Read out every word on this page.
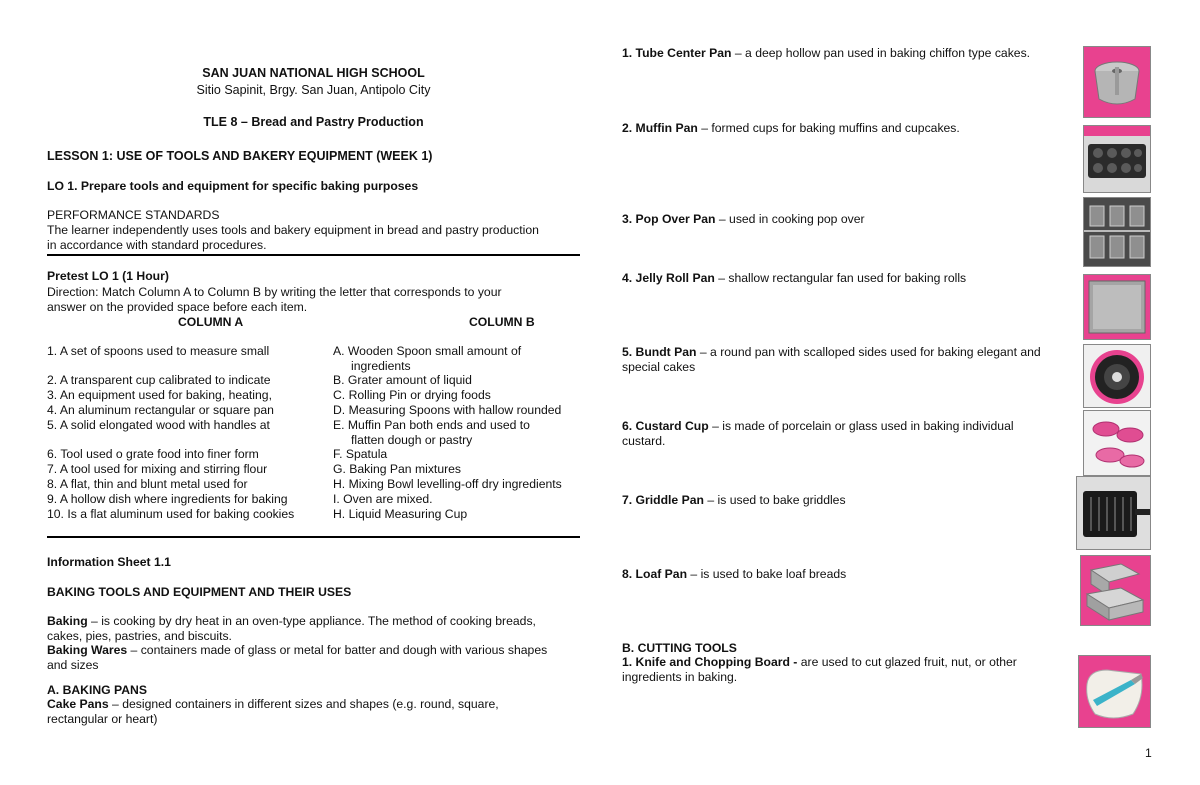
SAN JUAN NATIONAL HIGH SCHOOL
Sitio Sapinit, Brgy. San Juan, Antipolo City
TLE 8 – Bread and Pastry Production
LESSON 1: USE OF TOOLS AND BAKERY EQUIPMENT (WEEK 1)
LO 1. Prepare tools and equipment for specific baking purposes
PERFORMANCE STANDARDS
The learner independently uses tools and bakery equipment in bread and pastry production
in accordance with standard procedures.
Pretest LO 1 (1 Hour)
Direction: Match Column A to Column B by writing the letter that corresponds to your
answer on the provided space before each item.
COLUMN A	COLUMN B
1. A set of spoons used to measure small
2. A transparent cup calibrated to indicate
3. An equipment used for baking, heating,
4. An aluminum rectangular or square pan
5. A solid elongated wood with handles at
6. Tool used o grate food into finer form
7. A tool used for mixing and stirring flour
8. A flat, thin and blunt metal used for
9. A hollow dish where ingredients for baking
10. Is a flat aluminum used for baking cookies
A. Wooden Spoon small amount of
ingredients
B. Grater amount of liquid
C. Rolling Pin or drying foods
D. Measuring Spoons with hallow rounded
E. Muffin Pan both ends and used to
flatten dough or pastry
F. Spatula
G. Baking Pan mixtures
H. Mixing Bowl levelling-off dry ingredients
I. Oven are mixed.
H. Liquid Measuring Cup
Information Sheet 1.1
BAKING TOOLS AND EQUIPMENT AND THEIR USES
Baking – is cooking by dry heat in an oven-type appliance. The method of cooking breads,
cakes, pies, pastries, and biscuits.
Baking Wares – containers made of glass or metal for batter and dough with various shapes
and sizes
A. BAKING PANS
Cake Pans – designed containers in different sizes and shapes (e.g. round, square,
rectangular or heart)
1. Tube Center Pan – a deep hollow pan used in baking chiffon type cakes.
2. Muffin Pan – formed cups for baking muffins and cupcakes.
3. Pop Over Pan – used in cooking pop over
4. Jelly Roll Pan – shallow rectangular fan used for baking rolls
5. Bundt Pan – a round pan with scalloped sides used for baking elegant and
special cakes
6. Custard Cup – is made of porcelain or glass used in baking individual
custard.
7. Griddle Pan – is used to bake griddles
8. Loaf Pan – is used to bake loaf breads
B. CUTTING TOOLS
1. Knife and Chopping Board - are used to cut glazed fruit, nut, or other
ingredients in baking.
1
